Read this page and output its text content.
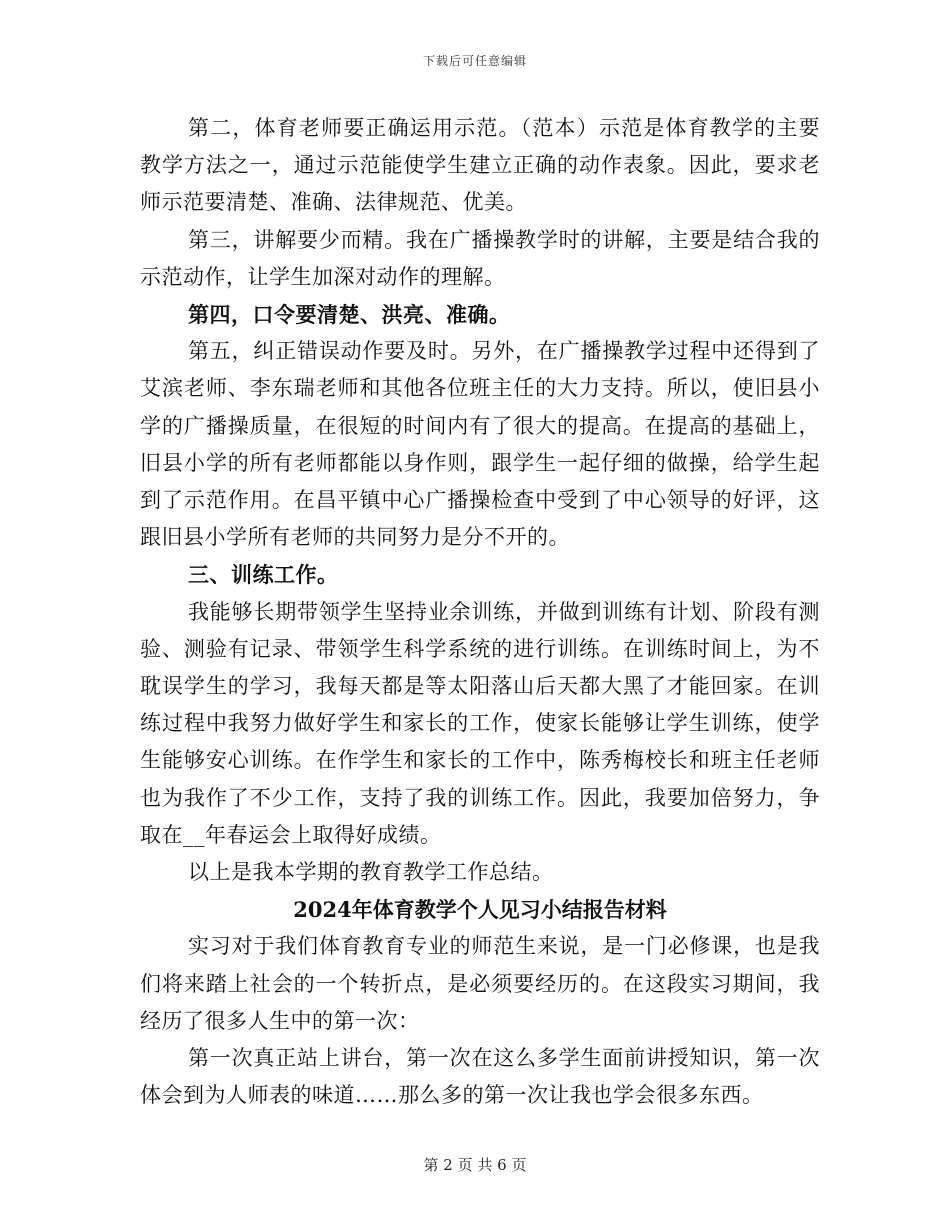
下载后可任意编辑

第二，体育老师要正确运用示范。（范本）示范是体育教学的主要教学方法之一，通过示范能使学生建立正确的动作表象。因此，要求老师示范要清楚、准确、法律规范、优美。

第三，讲解要少而精。我在广播操教学时的讲解，主要是结合我的示范动作，让学生加深对动作的理解。

第四，口令要清楚、洪亮、准确。

第五，纠正错误动作要及时。另外，在广播操教学过程中还得到了艾滨老师、李东瑞老师和其他各位班主任的大力支持。所以，使旧县小学的广播操质量，在很短的时间内有了很大的提高。在提高的基础上，旧县小学的所有老师都能以身作则，跟学生一起仔细的做操，给学生起到了示范作用。在昌平镇中心广播操检查中受到了中心领导的好评，这跟旧县小学所有老师的共同努力是分不开的。

三、训练工作。

我能够长期带领学生坚持业余训练，并做到训练有计划、阶段有测验、测验有记录、带领学生科学系统的进行训练。在训练时间上，为不耽误学生的学习，我每天都是等太阳落山后天都大黑了才能回家。在训练过程中我努力做好学生和家长的工作，使家长能够让学生训练，使学生能够安心训练。在作学生和家长的工作中，陈秀梅校长和班主任老师也为我作了不少工作，支持了我的训练工作。因此，我要加倍努力，争取在__年春运会上取得好成绩。

以上是我本学期的教育教学工作总结。

2024年体育教学个人见习小结报告材料

实习对于我们体育教育专业的师范生来说，是一门必修课，也是我们将来踏上社会的一个转折点，是必须要经历的。在这段实习期间，我经历了很多人生中的第一次：

第一次真正站上讲台，第一次在这么多学生面前讲授知识，第一次体会到为人师表的味道……那么多的第一次让我也学会很多东西。

第 2 页 共 6 页
